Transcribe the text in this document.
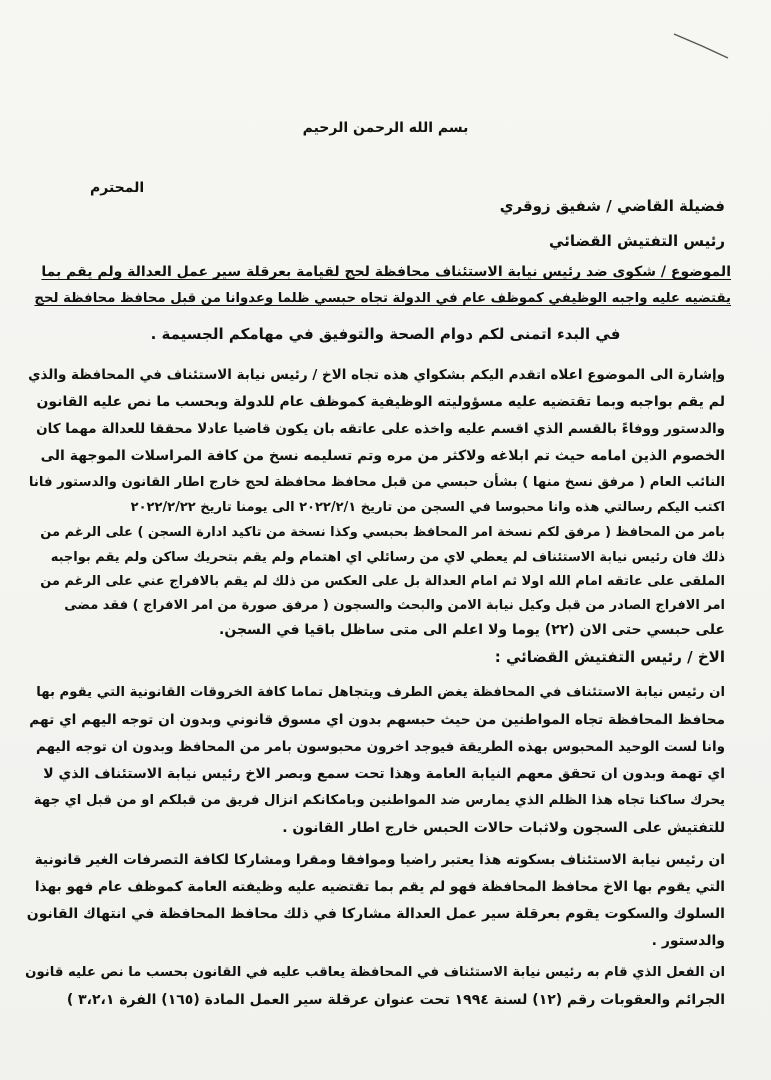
بسم الله الرحمن الرحيم
المحترم
فضيلة القاضي / شفيق زوقري
رئيس التفتيش القضائي
الموضوع / شكوى ضد رئيس نيابة الاستئناف محافظة لحج لقيامة بعرقلة سير عمل العدالة ولم يقم بما
يقتضيه عليه واجبه الوظيفي كموظف عام في الدولة تجاه حبسي ظلما وعدوانا من قبل محافظ محافظة لحج
في البدء اتمنى لكم دوام الصحة والتوفيق في مهامكم الجسيمة .
وإشارة الى الموضوع اعلاه اتقدم اليكم بشكواي هذه تجاه الاخ / رئيس نيابة الاستئناف في المحافظة والذي
لم يقم بواجبه وبما تقتضيه عليه مسؤوليته الوظيفية كموظف عام للدولة وبحسب ما نص عليه القانون
والدستور ووفاءً بالقسم الذي اقسم عليه واخذه على عاتقه بان يكون قاضيا عادلا محققا للعدالة مهما كان
الخصوم الذين امامه حيث تم ابلاغه ولاكثر من مره وتم تسليمه نسخ من كافة المراسلات الموجهة الى
النائب العام ( مرفق نسخ منها ) بشأن حبسي من قبل محافظ محافظة لحج خارج اطار القانون والدستور فانا
اكتب اليكم رسالتي هذه وانا محبوسا في السجن من تاريخ ٢٠٢٢/٢/١ الى يومنا تاريخ ٢٠٢٢/٢/٢٢
بامر من المحافظ ( مرفق لكم نسخة امر المحافظ بحبسي وكذا نسخة من تاكيد ادارة السجن ) على الرغم من
ذلك فان رئيس نيابة الاستئناف لم يعطي لاي من رسائلي اي اهتمام ولم يقم بتحريك ساكن ولم يقم بواجبه
الملقى على عاتقه امام الله اولا ثم امام العدالة بل على العكس من ذلك لم يقم بالافراج عني على الرغم من
امر الافراج الصادر من قبل وكيل نيابة الامن والبحث والسجون ( مرفق صورة من امر الافراج ) فقد مضى
على حبسي حتى الان (٢٢) يوما ولا اعلم الى متى ساظل باقيا في السجن.
الاخ / رئيس التفتيش القضائي :
ان رئيس نيابة الاستئناف في المحافظة يغض الطرف ويتجاهل تماما كافة الخروقات القانونية التي يقوم بها
محافظ المحافظة تجاه المواطنين من حيث حبسهم بدون اي مسوق قانوني وبدون ان توجه اليهم اي تهم
وانا لست الوحيد المحبوس بهذه الطريقة فيوجد اخرون محبوسون بامر من المحافظ وبدون ان توجه اليهم
اي تهمة وبدون ان تحقق معهم النيابة العامة وهذا تحت سمع وبصر الاخ رئيس نيابة الاستئناف الذي لا
يحرك ساكنا تجاه هذا الظلم الذي يمارس ضد المواطنين وبامكانكم انزال فريق من قبلكم او من قبل اي جهة
للتفتيش على السجون ولاثبات حالات الحبس خارج اطار القانون .
ان رئيس نيابة الاستئناف بسكوته هذا يعتبر راضيا وموافقا ومقرا ومشاركا لكافة التصرفات الغير قانونية
التي يقوم بها الاخ محافظ المحافظة فهو لم يقم بما تقتضيه عليه وظيفته العامة كموظف عام فهو بهذا
السلوك والسكوت يقوم بعرقلة سير عمل العدالة مشاركا في ذلك محافظ المحافظة في انتهاك القانون
والدستور .
ان الفعل الذي قام به رئيس نيابة الاستئناف في المحافظة يعاقب عليه في القانون بحسب ما نص عليه قانون
الجرائم والعقوبات رقم (١٢) لسنة ١٩٩٤ تحت عنوان عرقلة سير العمل المادة (١٦٥) الفرة ٣،٢،١ )
